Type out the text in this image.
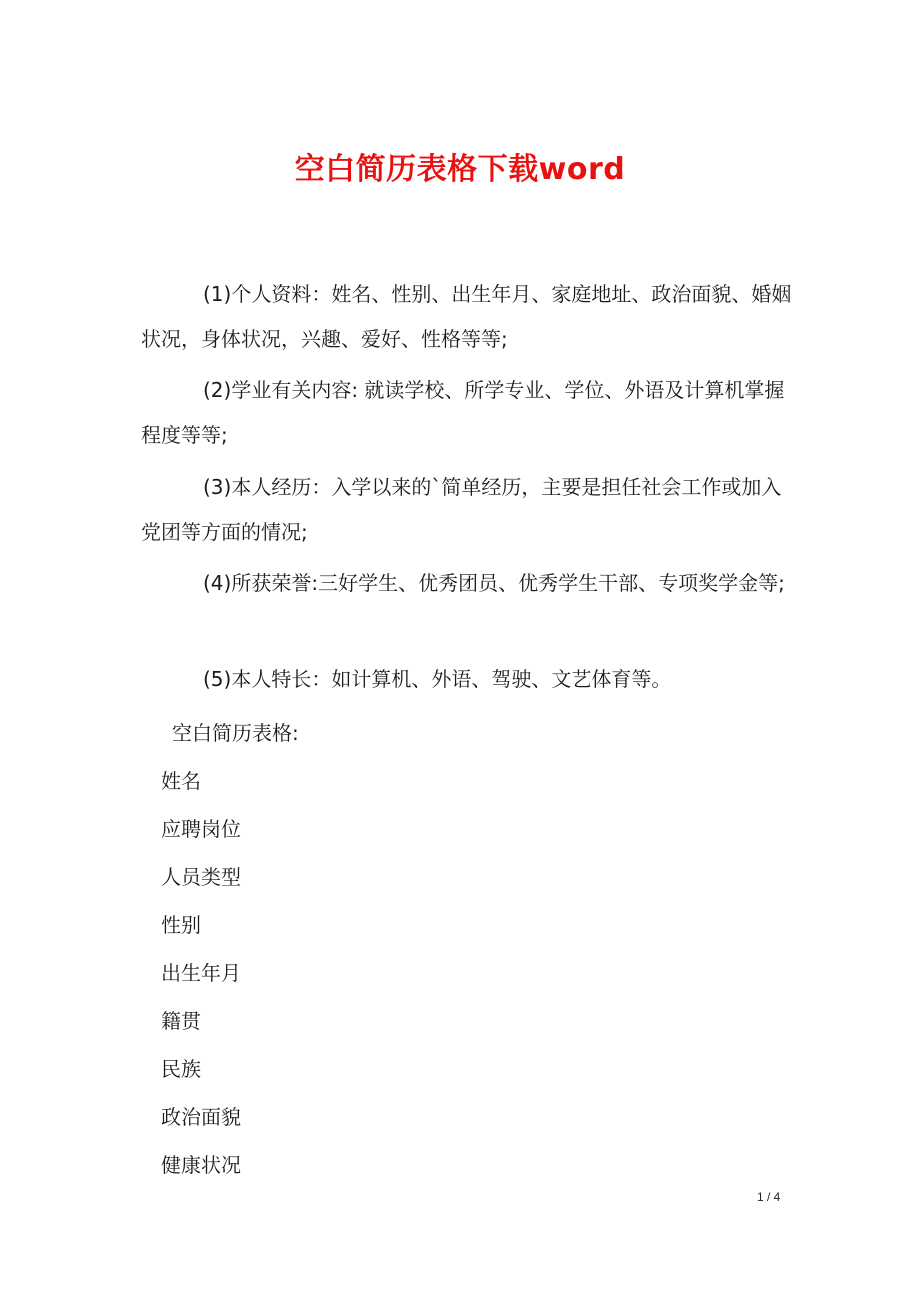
空白简历表格下载word
(1)个人资料：姓名、性别、出生年月、家庭地址、政治面貌、婚姻状况，身体状况，兴趣、爱好、性格等等;
(2)学业有关内容: 就读学校、所学专业、学位、外语及计算机掌握程度等等;
(3)本人经历：入学以来的`简单经历，主要是担任社会工作或加入党团等方面的情况;
(4)所获荣誉:三好学生、优秀团员、优秀学生干部、专项奖学金等;
(5)本人特长：如计算机、外语、驾驶、文艺体育等。
空白简历表格:
姓名
应聘岗位
人员类型
性别
出生年月
籍贯
民族
政治面貌
健康状况
1 / 4
